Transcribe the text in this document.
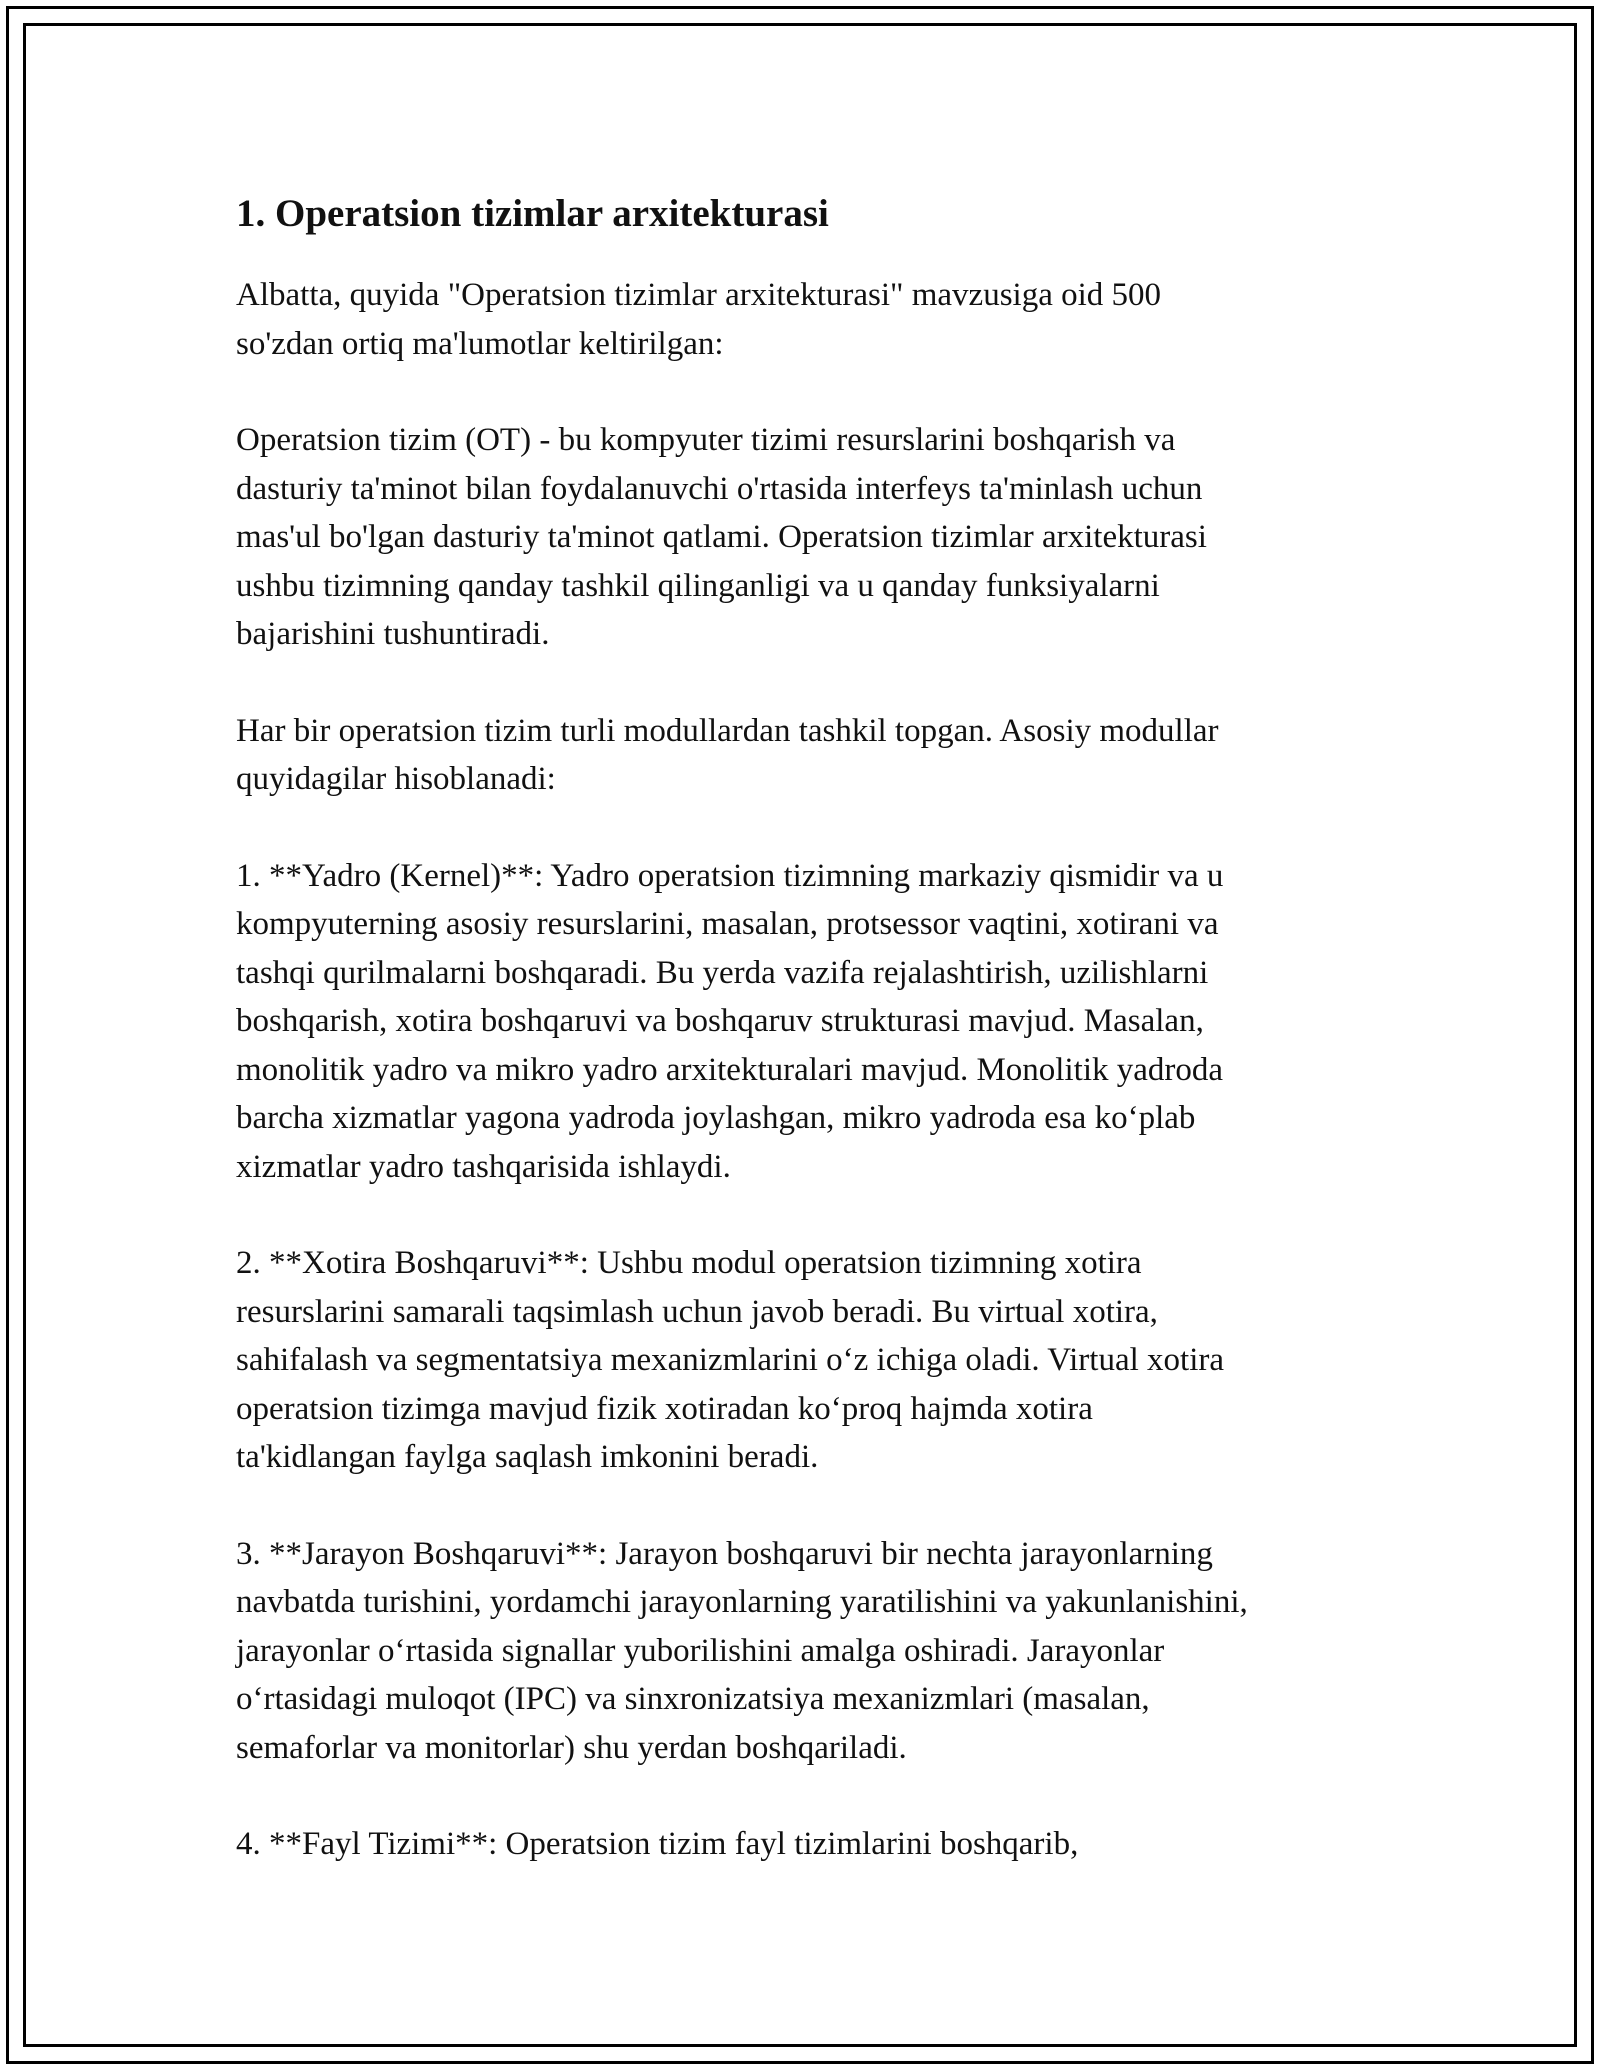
1. Operatsion tizimlar arxitekturasi

Albatta, quyida "Operatsion tizimlar arxitekturasi" mavzusiga oid 500
so'zdan ortiq ma'lumotlar keltirilgan:

Operatsion tizim (OT) - bu kompyuter tizimi resurslarini boshqarish va
dasturiy ta'minot bilan foydalanuvchi o'rtasida interfeys ta'minlash uchun
mas'ul bo'lgan dasturiy ta'minot qatlami. Operatsion tizimlar arxitekturasi
ushbu tizimning qanday tashkil qilinganligi va u qanday funksiyalarni
bajarishini tushuntiradi.

Har bir operatsion tizim turli modullardan tashkil topgan. Asosiy modullar
quyidagilar hisoblanadi:

1. **Yadro (Kernel)**: Yadro operatsion tizimning markaziy qismidir va u
kompyuterning asosiy resurslarini, masalan, protsessor vaqtini, xotirani va
tashqi qurilmalarni boshqaradi. Bu yerda vazifa rejalashtirish, uzilishlarni
boshqarish, xotira boshqaruvi va boshqaruv strukturasi mavjud. Masalan,
monolitik yadro va mikro yadro arxitekturalari mavjud. Monolitik yadroda
barcha xizmatlar yagona yadroda joylashgan, mikro yadroda esa ko‘plab
xizmatlar yadro tashqarisida ishlaydi.

2. **Xotira Boshqaruvi**: Ushbu modul operatsion tizimning xotira
resurslarini samarali taqsimlash uchun javob beradi. Bu virtual xotira,
sahifalash va segmentatsiya mexanizmlarini o‘z ichiga oladi. Virtual xotira
operatsion tizimga mavjud fizik xotiradan ko‘proq hajmda xotira
ta'kidlangan faylga saqlash imkonini beradi.

3. **Jarayon Boshqaruvi**: Jarayon boshqaruvi bir nechta jarayonlarning
navbatda turishini, yordamchi jarayonlarning yaratilishini va yakunlanishini,
jarayonlar o‘rtasida signallar yuborilishini amalga oshiradi. Jarayonlar
o‘rtasidagi muloqot (IPC) va sinxronizatsiya mexanizmlari (masalan,
semaforlar va monitorlar) shu yerdan boshqariladi.

4. **Fayl Tizimi**: Operatsion tizim fayl tizimlarini boshqarib,
